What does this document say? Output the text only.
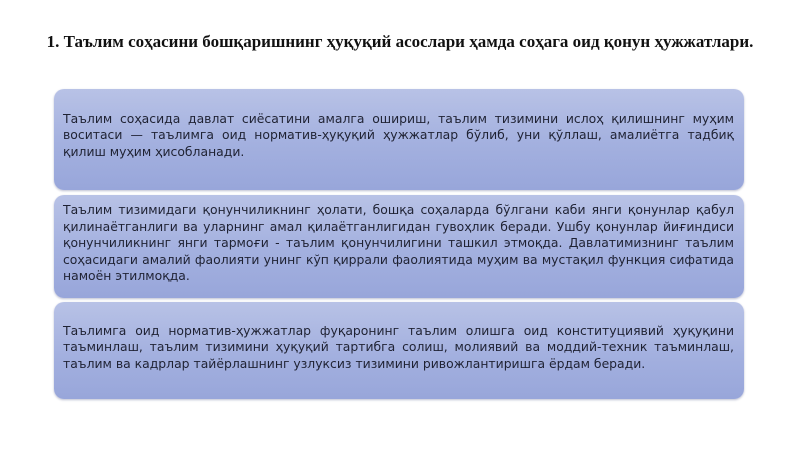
1. Таълим соҳасини бошқаришнинг ҳуқуқий асослари ҳамда соҳага оид қонун ҳужжатлари.

Таълим соҳасида давлат сиёсатини амалга ошириш, таълим тизимини ислоҳ қилишнинг муҳим воситаси — таълимга оид норматив-ҳуқуқий ҳужжатлар бўлиб, уни қўллаш, амалиётга тадбиқ қилиш муҳим ҳисобланади.

Таълим тизимидаги қонунчиликнинг ҳолати, бошқа соҳаларда бўлгани каби янги қонунлар қабул қилинаётганлиги ва уларнинг амал қилаётганлигидан гувоҳлик беради. Ушбу қонунлар йиғиндиси қонунчиликнинг янги тармоғи - таълим қонунчилигини ташкил этмоқда. Давлатимизнинг таълим соҳасидаги амалий фаолияти унинг кўп қиррали фаолиятида муҳим ва мустақил функция сифатида намоён этилмоқда.

Таълимга оид норматив-ҳужжатлар фуқаронинг таълим олишга оид конституциявий ҳуқуқини таъминлаш, таълим тизимини ҳуқуқий тартибга солиш, молиявий ва моддий-техник таъминлаш, таълим ва кадрлар тайёрлашнинг узлуксиз тизимини ривожлантиришга ёрдам беради.
